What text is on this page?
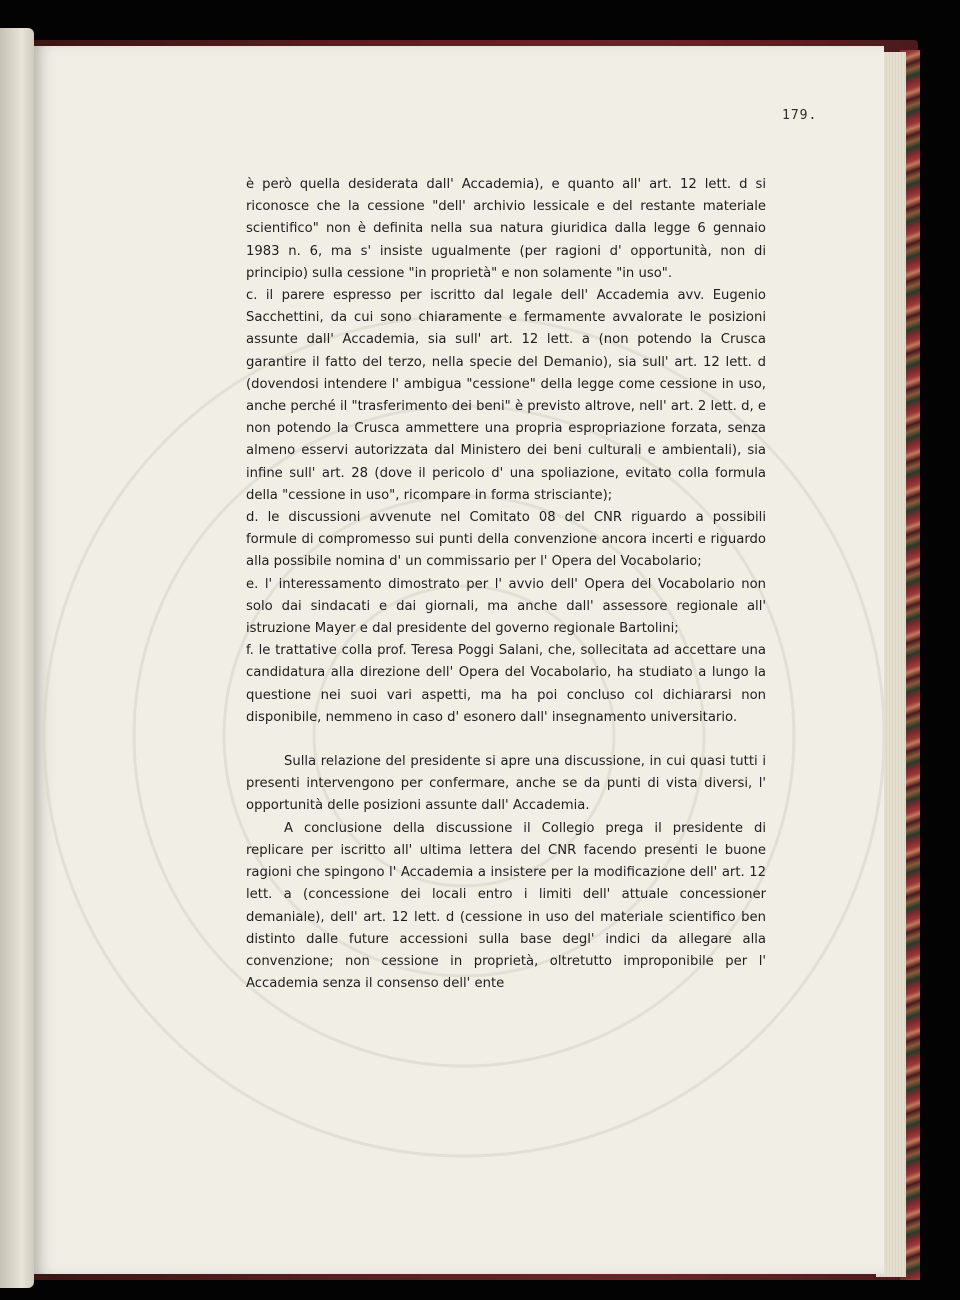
179.

è però quella desiderata dall' Accademia), e quanto all' art. 12 lett. d si riconosce che la cessione "dell' archivio lessicale e del restante materiale scientifico" non è definita nella sua natura giuridica dalla legge 6 gennaio 1983 n. 6, ma s' insiste ugualmente (per ragioni d' opportunità, non di principio) sulla cessione "in proprietà" e non solamente "in uso".

c. il parere espresso per iscritto dal legale dell' Accademia avv. Eugenio Sacchettini, da cui sono chiaramente e fermamente avvalorate le posizioni assunte dall' Accademia, sia sull' art. 12 lett. a (non potendo la Crusca garantire il fatto del terzo, nella specie del Demanio), sia sull' art. 12 lett. d (dovendosi intendere l' ambigua "cessione" della legge come cessione in uso, anche perché il "trasferimento dei beni" è previsto altrove, nell' art. 2 lett. d, e non potendo la Crusca ammettere una propria espropriazione forzata, senza almeno esservi autorizzata dal Ministero dei beni culturali e ambientali), sia infine sull' art. 28 (dove il pericolo d' una spoliazione, evitato colla formula della "cessione in uso", ricompare in forma strisciante);

d. le discussioni avvenute nel Comitato 08 del CNR riguardo a possibili formule di compromesso sui punti della convenzione ancora incerti e riguardo alla possibile nomina d' un commissario per l' Opera del Vocabolario;

e. l' interessamento dimostrato per l' avvio dell' Opera del Vocabolario non solo dai sindacati e dai giornali, ma anche dall' assessore regionale all' istruzione Mayer e dal presidente del governo regionale Bartolini;

f. le trattative colla prof. Teresa Poggi Salani, che, sollecitata ad accettare una candidatura alla direzione dell' Opera del Vocabolario, ha studiato a lungo la questione nei suoi vari aspetti, ma ha poi concluso col dichiararsi non disponibile, nemmeno in caso d' esonero dall' insegnamento universitario.

Sulla relazione del presidente si apre una discussione, in cui quasi tutti i presenti intervengono per confermare, anche se da punti di vista diversi, l' opportunità delle posizioni assunte dall' Accademia.

A conclusione della discussione il Collegio prega il presidente di replicare per iscritto all' ultima lettera del CNR facendo presenti le buone ragioni che spingono l' Accademia a insistere per la modificazione dell' art. 12 lett. a (concessione dei locali entro i limiti dell' attuale concessioner demaniale), dell' art. 12 lett. d (cessione in uso del materiale scientifico ben distinto dalle future accessioni sulla base degl' indici da allegare alla convenzione; non cessione in proprietà, oltretutto improponibile per l' Accademia senza il consenso dell' ente
